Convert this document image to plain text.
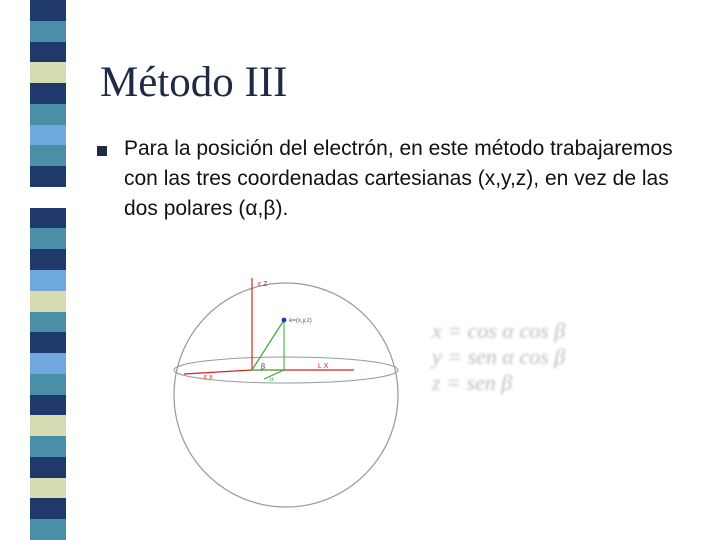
Método III

Para la posición del electrón, en este método trabajaremos con las tres coordenadas cartesianas (x,y,z), en vez de las dos polares (α,β).

ε Z
ε x
L X
e=(x,y,z)
β
α
x = cos α cos β
y = sen α cos β
z = sen β
